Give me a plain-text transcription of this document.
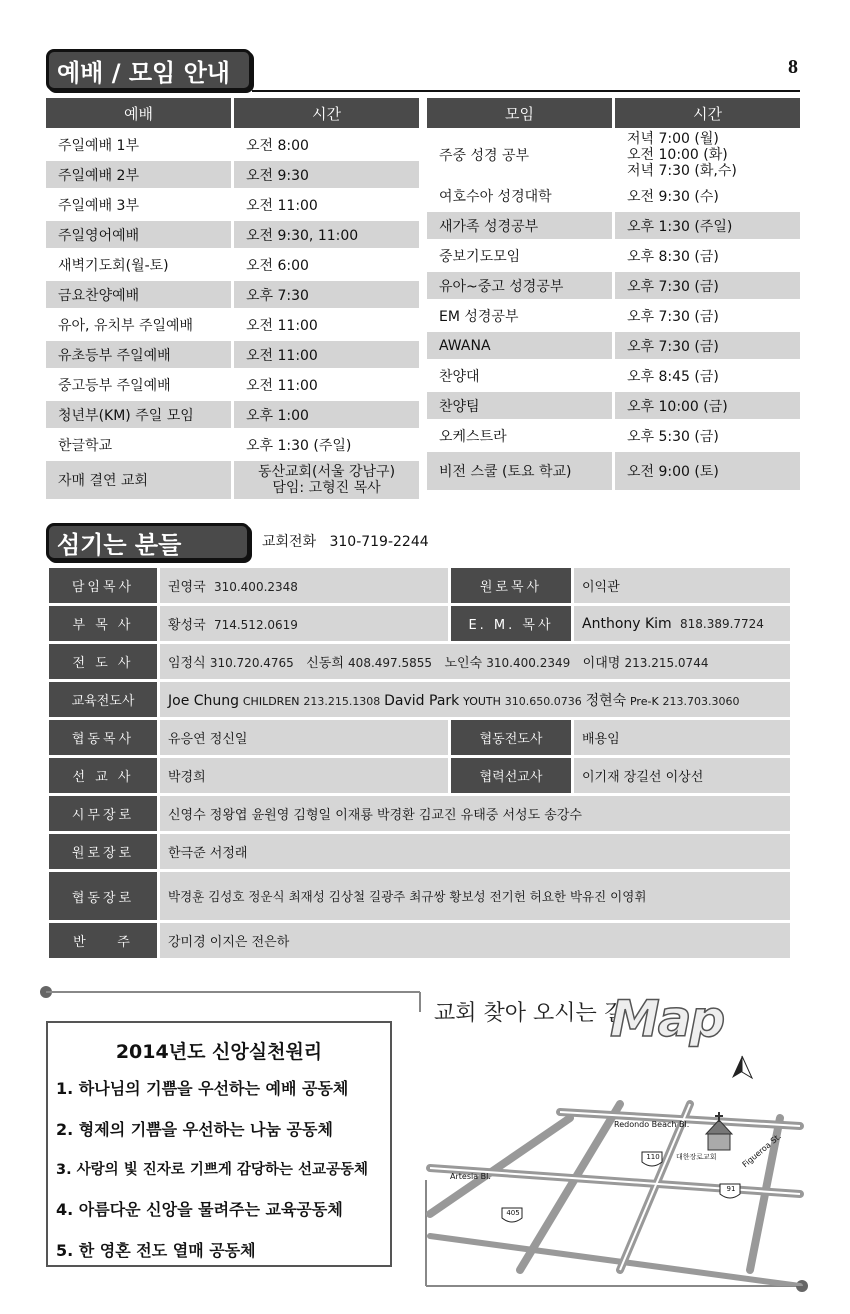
예배 / 모임 안내	8
예배	시간
주일예배 1부	오전 8:00
주일예배 2부	오전 9:30
주일예배 3부	오전 11:00
주일영어예배	오전 9:30, 11:00
새벽기도회(월-토)	오전 6:00
금요찬양예배	오후 7:30
유아, 유치부 주일예배	오전 11:00
유초등부 주일예배	오전 11:00
중고등부 주일예배	오전 11:00
청년부(KM) 주일 모임	오후 1:00
한글학교	오후 1:30 (주일)
자매 결연 교회	동산교회(서울 강남구)
담임: 고형진 목사
모임	시간
주중 성경 공부	저녁 7:00 (월)
오전 10:00 (화)
저녁 7:30 (화,수)

여호수아 성경대학	오전 9:30 (수)
새가족 성경공부	오후 1:30 (주일)
중보기도모임	오후 8:30 (금)
유아~중고 성경공부	오후 7:30 (금)
EM 성경공부	오후 7:30 (금)
AWANA	오후 7:30 (금)
찬양대	오후 8:45 (금)
찬양팀	오후 10:00 (금)
오케스트라	오후 5:30 (금)
비전 스쿨 (토요 학교)	오전 9:00 (토)
섬기는 분들	교회전화 310-719-2244
담임목사	권영국 310.400.2348	원로목사	이익관
부 목 사	황성국 714.512.0619	E. M. 목사	Anthony Kim 818.389.7724
전 도 사	임정식 310.720.4765 신동희 408.497.5855 노인숙 310.400.2349 이대명 213.215.0744		
교육전도사	Joe Chung CHILDREN 213.215.1308 David Park YOUTH 310.650.0736 정현숙 Pre-K 213.703.3060		
협동목사	유응연 정신일	협동전도사	배용임
선 교 사	박경희	협력선교사	이기재 장길선 이상선
시무장로	신영수 정왕엽 윤원영 김형일 이재룡 박경환 김교진 유태중 서성도 송강수		
원로장로	한극준 서정래		
협동장로	박경훈 김성호 정운식 최재성 김상철 길광주 최규쌍 황보성 전기헌 허요한 박유진 이영휘		
반    주	강미경 이지은 전은하		
2014년도 신앙실천원리
1. 하나님의 기쁨을 우선하는 예배 공동체
2. 형제의 기쁨을 우선하는 나눔 공동체
3. 사랑의 빛 진자로 기쁘게 감당하는 선교공동체
4. 아름다운 신앙을 물려주는 교육공동체
5. 한 영혼 전도 열매 공동체
교회 찾아 오시는 길
Map
Redondo Beach Bl.
Artesia Bl.
Figueroa St.
110
91
405
대한장로교회
